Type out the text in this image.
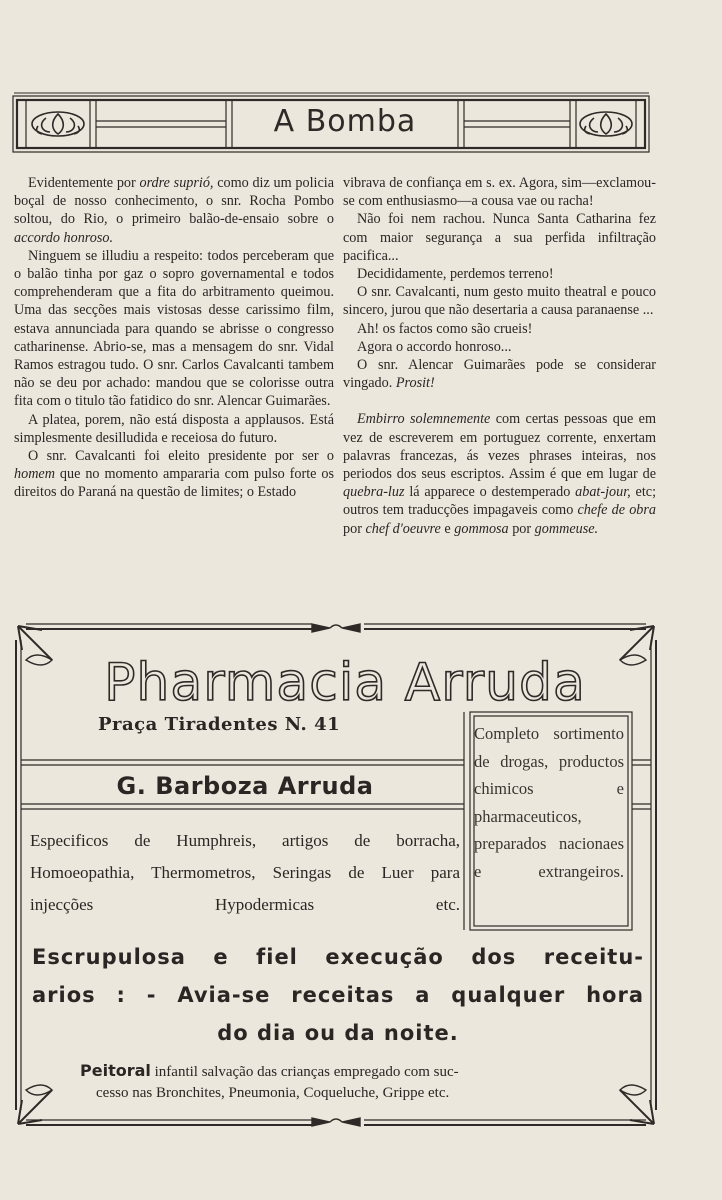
A Bomba

Evidentemente por ordre suprió, como diz um policia boçal de nosso conhecimento, o snr. Rocha Pombo soltou, do Rio, o primeiro balão-de-ensaio sobre o accordo honroso.

Ninguem se illudiu a respeito: todos perceberam que o balão tinha por gaz o sopro governamental e todos comprehenderam que a fita do arbitramento queimou. Uma das secções mais vistosas desse carissimo film, estava annunciada para quando se abrisse o congresso catharinense. Abrio-se, mas a mensagem do snr. Vidal Ramos estragou tudo. O snr. Carlos Cavalcanti tambem não se deu por achado: mandou que se colorisse outra fita com o titulo tão fatidico do snr. Alencar Guimarães.

A platea, porem, não está disposta a applausos. Está simplesmente desilludida e receiosa do futuro.

O snr. Cavalcanti foi eleito presidente por ser o homem que no momento ampararia com pulso forte os direitos do Paraná na questão de limites; o Estado

vibrava de confiança em s. ex. Agora, sim—exclamou-se com enthusiasmo—a cousa vae ou racha!

Não foi nem rachou. Nunca Santa Catharina fez com maior segurança a sua perfida infiltração pacifica...

Decididamente, perdemos terreno!

O snr. Cavalcanti, num gesto muito theatral e pouco sincero, jurou que não desertaria a causa paranaense ...

Ah! os factos como são crueis!

Agora o accordo honroso...

O snr. Alencar Guimarães pode se considerar vingado. Prosit!

Embirro solemnemente com certas pessoas que em vez de escreverem em portuguez corrente, enxertam palavras francezas, ás vezes phrases inteiras, nos periodos dos seus escriptos. Assim é que em lugar de quebra-luz lá apparece o destemperado abat-jour, etc; outros tem traducções impagaveis como chefe de obra por chef d'oeuvre e gommosa por gommeuse.

Pharmacia Arruda
Praça Tiradentes N. 41
G. Barboza Arruda
Especificos de Humphreis, artigos de borracha, Homoeopathia, Thermometros, Seringas de Luer para injecções Hypodermicas etc.
Completo sortimento de drogas, productos chimicos e pharmaceuticos, preparados nacionaes e extrangeiros.
Escrupulosa e fiel execução dos receitu-
arios : - Avia-se receitas a qualquer hora
do dia ou da noite.
Peitoral infantil salvação das crianças empregado com suc-
cesso nas Bronchites, Pneumonia, Coqueluche, Grippe etc.
